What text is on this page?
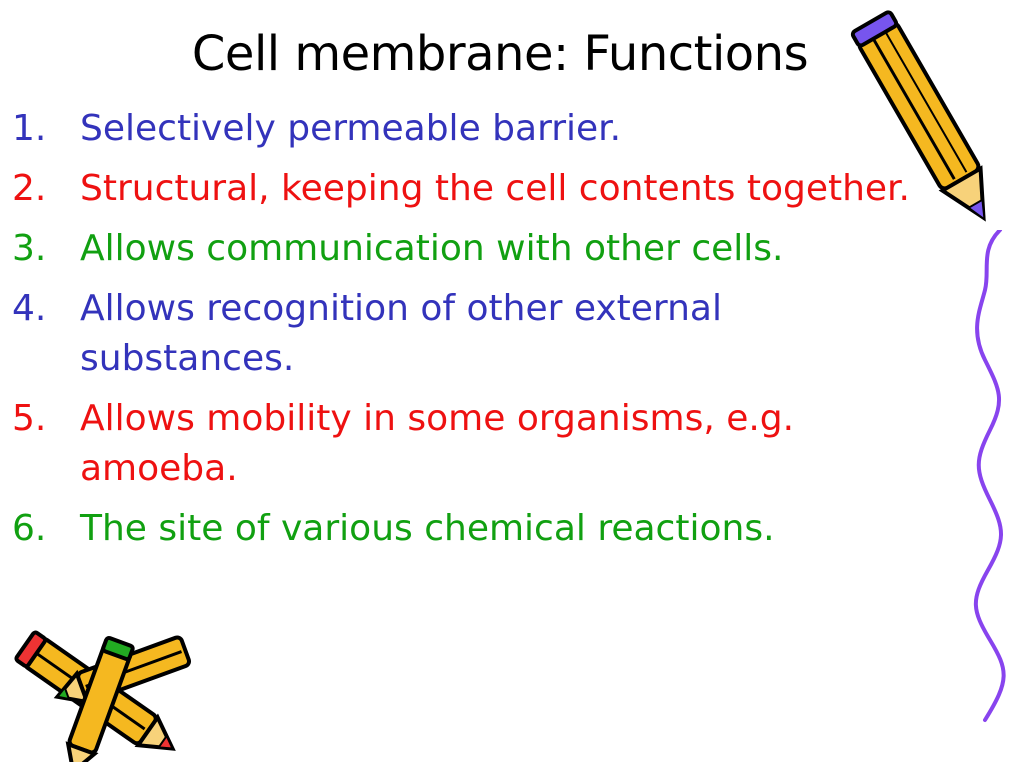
Cell membrane: Functions
1. Selectively permeable barrier.
2. Structural, keeping the cell contents together.
3. Allows communication with other cells.
4. Allows recognition of other external substances.
5. Allows mobility in some organisms, e.g. amoeba.
6. The site of various chemical reactions.
